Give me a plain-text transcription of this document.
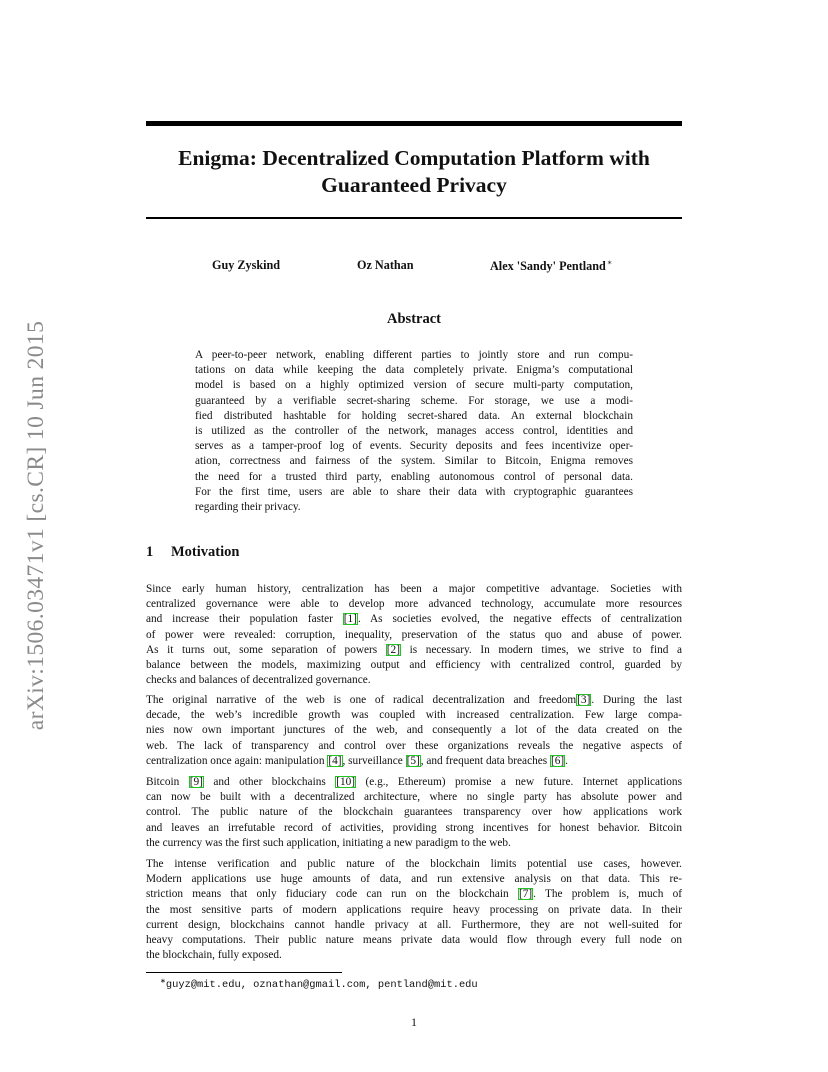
arXiv:1506.03471v1 [cs.CR] 10 Jun 2015
Enigma: Decentralized Computation Platform with
Guaranteed Privacy
Guy Zyskind	Oz Nathan	Alex 'Sandy' Pentland∗
Abstract
A peer-to-peer network, enabling different parties to jointly store and run compu-
tations on data while keeping the data completely private. Enigma’s computational
model is based on a highly optimized version of secure multi-party computation,
guaranteed by a verifiable secret-sharing scheme. For storage, we use a modi-
fied distributed hashtable for holding secret-shared data. An external blockchain
is utilized as the controller of the network, manages access control, identities and
serves as a tamper-proof log of events. Security deposits and fees incentivize oper-
ation, correctness and fairness of the system. Similar to Bitcoin, Enigma removes
the need for a trusted third party, enabling autonomous control of personal data.
For the first time, users are able to share their data with cryptographic guarantees
regarding their privacy.
1 Motivation
Since early human history, centralization has been a major competitive advantage. Societies with
centralized governance were able to develop more advanced technology, accumulate more resources
and increase their population faster [1]. As societies evolved, the negative effects of centralization
of power were revealed: corruption, inequality, preservation of the status quo and abuse of power.
As it turns out, some separation of powers [2] is necessary. In modern times, we strive to find a
balance between the models, maximizing output and efficiency with centralized control, guarded by
checks and balances of decentralized governance.
The original narrative of the web is one of radical decentralization and freedom[3]. During the last
decade, the web’s incredible growth was coupled with increased centralization. Few large compa-
nies now own important junctures of the web, and consequently a lot of the data created on the
web. The lack of transparency and control over these organizations reveals the negative aspects of
centralization once again: manipulation [4], surveillance [5], and frequent data breaches [6].
Bitcoin [9] and other blockchains [10] (e.g., Ethereum) promise a new future. Internet applications
can now be built with a decentralized architecture, where no single party has absolute power and
control. The public nature of the blockchain guarantees transparency over how applications work
and leaves an irrefutable record of activities, providing strong incentives for honest behavior. Bitcoin
the currency was the first such application, initiating a new paradigm to the web.
The intense verification and public nature of the blockchain limits potential use cases, however.
Modern applications use huge amounts of data, and run extensive analysis on that data. This re-
striction means that only fiduciary code can run on the blockchain [7]. The problem is, much of
the most sensitive parts of modern applications require heavy processing on private data. In their
current design, blockchains cannot handle privacy at all. Furthermore, they are not well-suited for
heavy computations. Their public nature means private data would flow through every full node on
the blockchain, fully exposed.
∗guyz@mit.edu, oznathan@gmail.com, pentland@mit.edu
1
